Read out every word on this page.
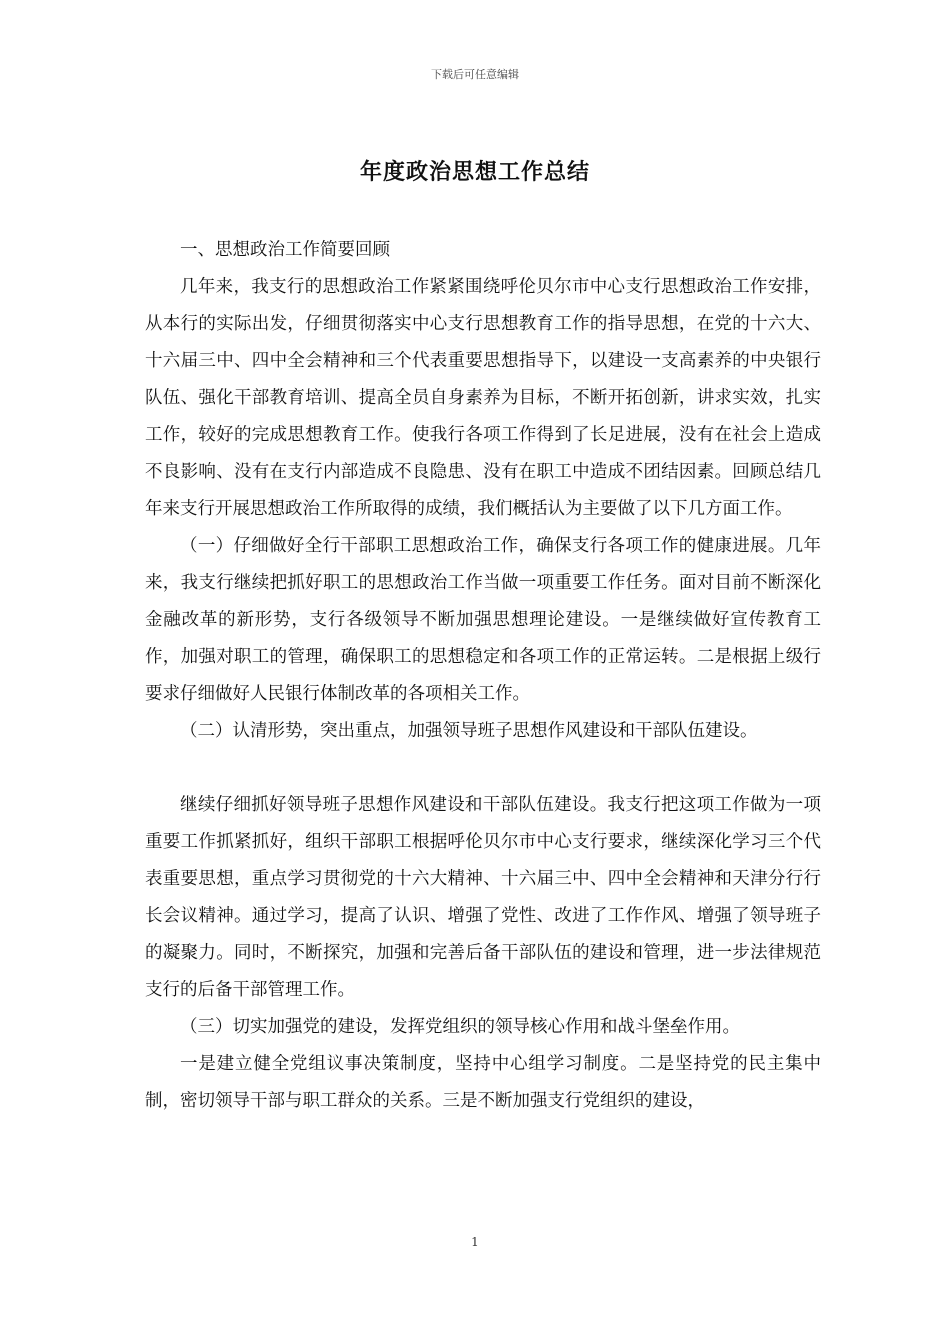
下载后可任意编辑
年度政治思想工作总结

一、思想政治工作简要回顾

几年来，我支行的思想政治工作紧紧围绕呼伦贝尔市中心支行思想政治工作安排，从本行的实际出发，仔细贯彻落实中心支行思想教育工作的指导思想，在党的十六大、十六届三中、四中全会精神和三个代表重要思想指导下，以建设一支高素养的中央银行队伍、强化干部教育培训、提高全员自身素养为目标，不断开拓创新，讲求实效，扎实工作，较好的完成思想教育工作。使我行各项工作得到了长足进展，没有在社会上造成不良影响、没有在支行内部造成不良隐患、没有在职工中造成不团结因素。回顾总结几年来支行开展思想政治工作所取得的成绩，我们概括认为主要做了以下几方面工作。

（一）仔细做好全行干部职工思想政治工作，确保支行各项工作的健康进展。几年来，我支行继续把抓好职工的思想政治工作当做一项重要工作任务。面对目前不断深化金融改革的新形势，支行各级领导不断加强思想理论建设。一是继续做好宣传教育工作，加强对职工的管理，确保职工的思想稳定和各项工作的正常运转。二是根据上级行要求仔细做好人民银行体制改革的各项相关工作。

（二）认清形势，突出重点，加强领导班子思想作风建设和干部队伍建设。

继续仔细抓好领导班子思想作风建设和干部队伍建设。我支行把这项工作做为一项重要工作抓紧抓好，组织干部职工根据呼伦贝尔市中心支行要求，继续深化学习三个代表重要思想，重点学习贯彻党的十六大精神、十六届三中、四中全会精神和天津分行行长会议精神。通过学习，提高了认识、增强了党性、改进了工作作风、增强了领导班子的凝聚力。同时，不断探究，加强和完善后备干部队伍的建设和管理，进一步法律规范支行的后备干部管理工作。

（三）切实加强党的建设，发挥党组织的领导核心作用和战斗堡垒作用。

一是建立健全党组议事决策制度，坚持中心组学习制度。二是坚持党的民主集中制，密切领导干部与职工群众的关系。三是不断加强支行党组织的建设，

1
